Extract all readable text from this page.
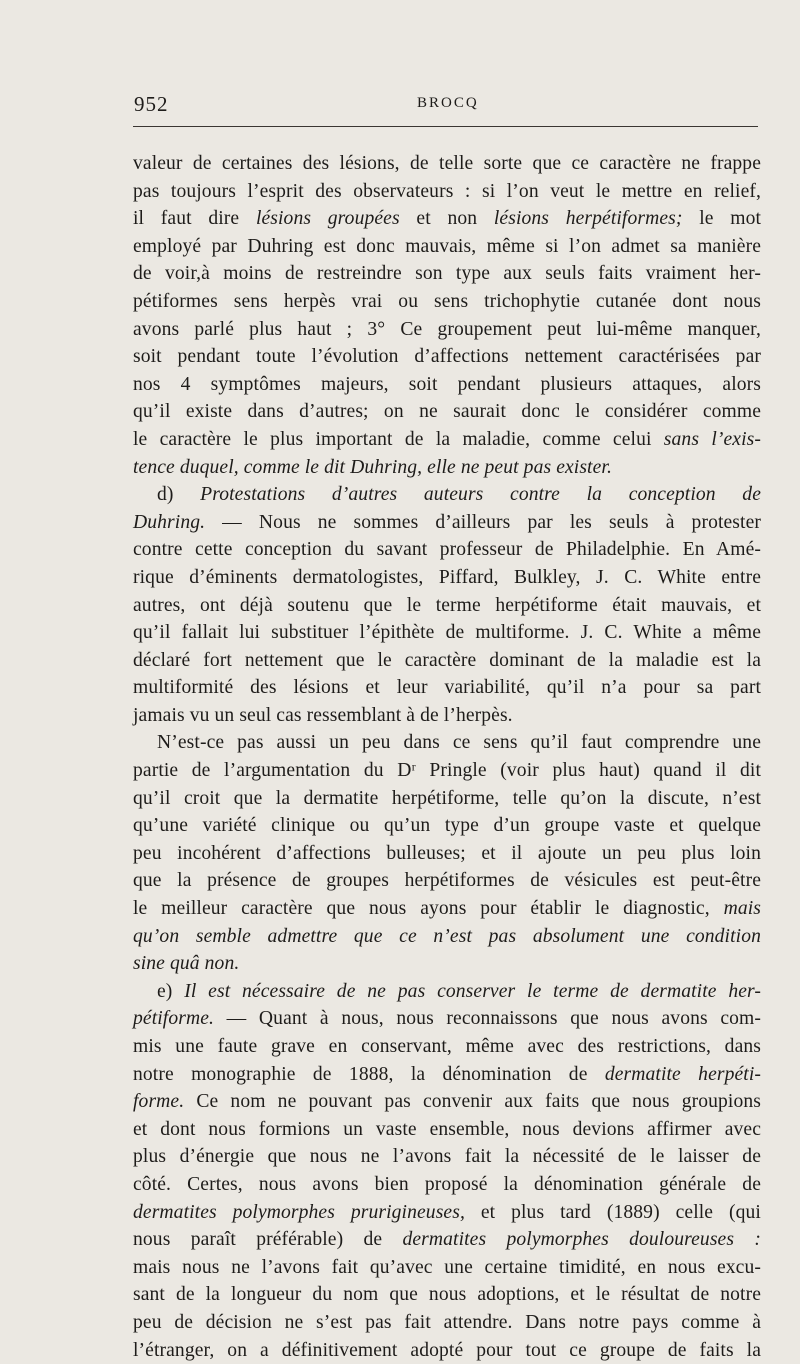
952	BROCQ
valeur de certaines des lésions, de telle sorte que ce caractère ne frappe
pas toujours l’esprit des observateurs : si l’on veut le mettre en relief,
il faut dire lésions groupées et non lésions herpétiformes; le mot
employé par Duhring est donc mauvais, même si l’on admet sa manière
de voir,à moins de restreindre son type aux seuls faits vraiment her-
pétiformes sens herpès vrai ou sens trichophytie cutanée dont nous
avons parlé plus haut ; 3° Ce groupement peut lui-même manquer,
soit pendant toute l’évolution d’affections nettement caractérisées par
nos 4 symptômes majeurs, soit pendant plusieurs attaques, alors
qu’il existe dans d’autres; on ne saurait donc le considérer comme
le caractère le plus important de la maladie, comme celui sans l’exis-
tence duquel, comme le dit Duhring, elle ne peut pas exister.
d) Protestations d’autres auteurs contre la conception de
Duhring. — Nous ne sommes d’ailleurs par les seuls à protester
contre cette conception du savant professeur de Philadelphie. En Amé-
rique d’éminents dermatologistes, Piffard, Bulkley, J. C. White entre
autres, ont déjà soutenu que le terme herpétiforme était mauvais, et
qu’il fallait lui substituer l’épithète de multiforme. J. C. White a même
déclaré fort nettement que le caractère dominant de la maladie est la
multiformité des lésions et leur variabilité, qu’il n’a pour sa part
jamais vu un seul cas ressemblant à de l’herpès.
N’est-ce pas aussi un peu dans ce sens qu’il faut comprendre une
partie de l’argumentation du Dʳ Pringle (voir plus haut) quand il dit
qu’il croit que la dermatite herpétiforme, telle qu’on la discute, n’est
qu’une variété clinique ou qu’un type d’un groupe vaste et quelque
peu incohérent d’affections bulleuses; et il ajoute un peu plus loin
que la présence de groupes herpétiformes de vésicules est peut-être
le meilleur caractère que nous ayons pour établir le diagnostic, mais
qu’on semble admettre que ce n’est pas absolument une condition
sine quâ non.
e) Il est nécessaire de ne pas conserver le terme de dermatite her-
pétiforme. — Quant à nous, nous reconnaissons que nous avons com-
mis une faute grave en conservant, même avec des restrictions, dans
notre monographie de 1888, la dénomination de dermatite herpéti-
forme. Ce nom ne pouvant pas convenir aux faits que nous groupions
et dont nous formions un vaste ensemble, nous devions affirmer avec
plus d’énergie que nous ne l’avons fait la nécessité de le laisser de
côté. Certes, nous avons bien proposé la dénomination générale de
dermatites polymorphes prurigineuses, et plus tard (1889) celle (qui
nous paraît préférable) de dermatites polymorphes douloureuses :
mais nous ne l’avons fait qu’avec une certaine timidité, en nous excu-
sant de la longueur du nom que nous adoptions, et le résultat de notre
peu de décision ne s’est pas fait attendre. Dans notre pays comme à
l’étranger, on a définitivement adopté pour tout ce groupe de faits la
